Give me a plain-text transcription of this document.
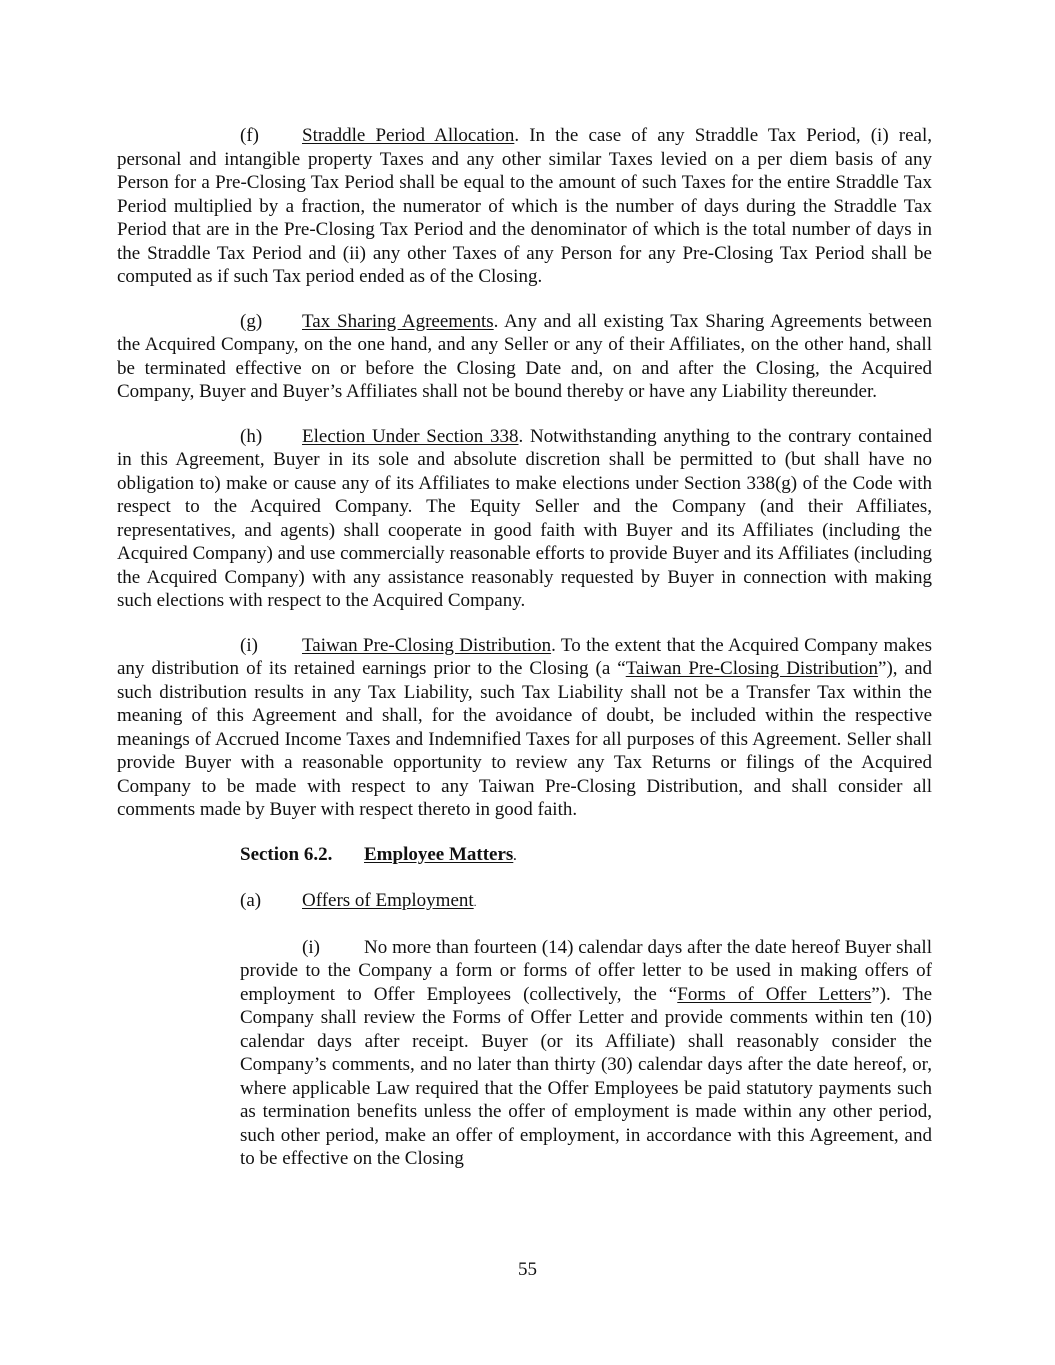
(f) Straddle Period Allocation. In the case of any Straddle Tax Period, (i) real, personal and intangible property Taxes and any other similar Taxes levied on a per diem basis of any Person for a Pre-Closing Tax Period shall be equal to the amount of such Taxes for the entire Straddle Tax Period multiplied by a fraction, the numerator of which is the number of days during the Straddle Tax Period that are in the Pre-Closing Tax Period and the denominator of which is the total number of days in the Straddle Tax Period and (ii) any other Taxes of any Person for any Pre-Closing Tax Period shall be computed as if such Tax period ended as of the Closing.

(g) Tax Sharing Agreements. Any and all existing Tax Sharing Agreements between the Acquired Company, on the one hand, and any Seller or any of their Affiliates, on the other hand, shall be terminated effective on or before the Closing Date and, on and after the Closing, the Acquired Company, Buyer and Buyer’s Affiliates shall not be bound thereby or have any Liability thereunder.

(h) Election Under Section 338. Notwithstanding anything to the contrary contained in this Agreement, Buyer in its sole and absolute discretion shall be permitted to (but shall have no obligation to) make or cause any of its Affiliates to make elections under Section 338(g) of the Code with respect to the Acquired Company. The Equity Seller and the Company (and their Affiliates, representatives, and agents) shall cooperate in good faith with Buyer and its Affiliates (including the Acquired Company) and use commercially reasonable efforts to provide Buyer and its Affiliates (including the Acquired Company) with any assistance reasonably requested by Buyer in connection with making such elections with respect to the Acquired Company.

(i) Taiwan Pre-Closing Distribution. To the extent that the Acquired Company makes any distribution of its retained earnings prior to the Closing (a “Taiwan Pre-Closing Distribution”), and such distribution results in any Tax Liability, such Tax Liability shall not be a Transfer Tax within the meaning of this Agreement and shall, for the avoidance of doubt, be included within the respective meanings of Accrued Income Taxes and Indemnified Taxes for all purposes of this Agreement. Seller shall provide Buyer with a reasonable opportunity to review any Tax Returns or filings of the Acquired Company to be made with respect to any Taiwan Pre-Closing Distribution, and shall consider all comments made by Buyer with respect thereto in good faith.

Section 6.2. Employee Matters.

(a) Offers of Employment.

(i) No more than fourteen (14) calendar days after the date hereof Buyer shall provide to the Company a form or forms of offer letter to be used in making offers of employment to Offer Employees (collectively, the “Forms of Offer Letters”). The Company shall review the Forms of Offer Letter and provide comments within ten (10) calendar days after receipt. Buyer (or its Affiliate) shall reasonably consider the Company’s comments, and no later than thirty (30) calendar days after the date hereof, or, where applicable Law required that the Offer Employees be paid statutory payments such as termination benefits unless the offer of employment is made within any other period, such other period, make an offer of employment, in accordance with this Agreement, and to be effective on the Closing

55
